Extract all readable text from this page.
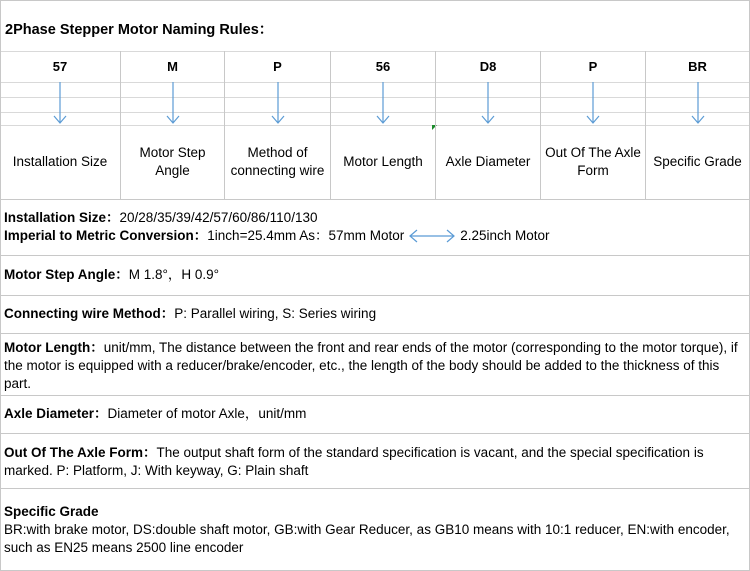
2Phase Stepper Motor Naming Rules：
57
Installation Size
M
Motor Step Angle
P
Method of connecting wire
56
Motor Length
D8
Axle Diameter
P
Out Of The Axle Form
BR
Specific Grade
Installation Size：20/28/35/39/42/57/60/86/110/130
Imperial to Metric Conversion：1inch=25.4mm As：57mm Motor	2.25inch Motor
Motor Step Angle：M 1.8°，H 0.9°
Connecting wire Method：P: Parallel wiring, S: Series wiring
Motor Length：unit/mm, The distance between the front and rear ends of the motor (corresponding to the motor torque), if the motor is equipped with a reducer/brake/encoder, etc., the length of the body should be added to the thickness of this part.
Axle Diameter：Diameter of motor Axle，unit/mm
Out Of The Axle Form：The output shaft form of the standard specification is vacant, and the special specification is marked. P: Platform, J: With keyway, G: Plain shaft
Specific Grade
BR:with brake motor, DS:double shaft motor, GB:with Gear Reducer, as GB10 means with 10:1 reducer, EN:with encoder, such as EN25 means 2500 line encoder
